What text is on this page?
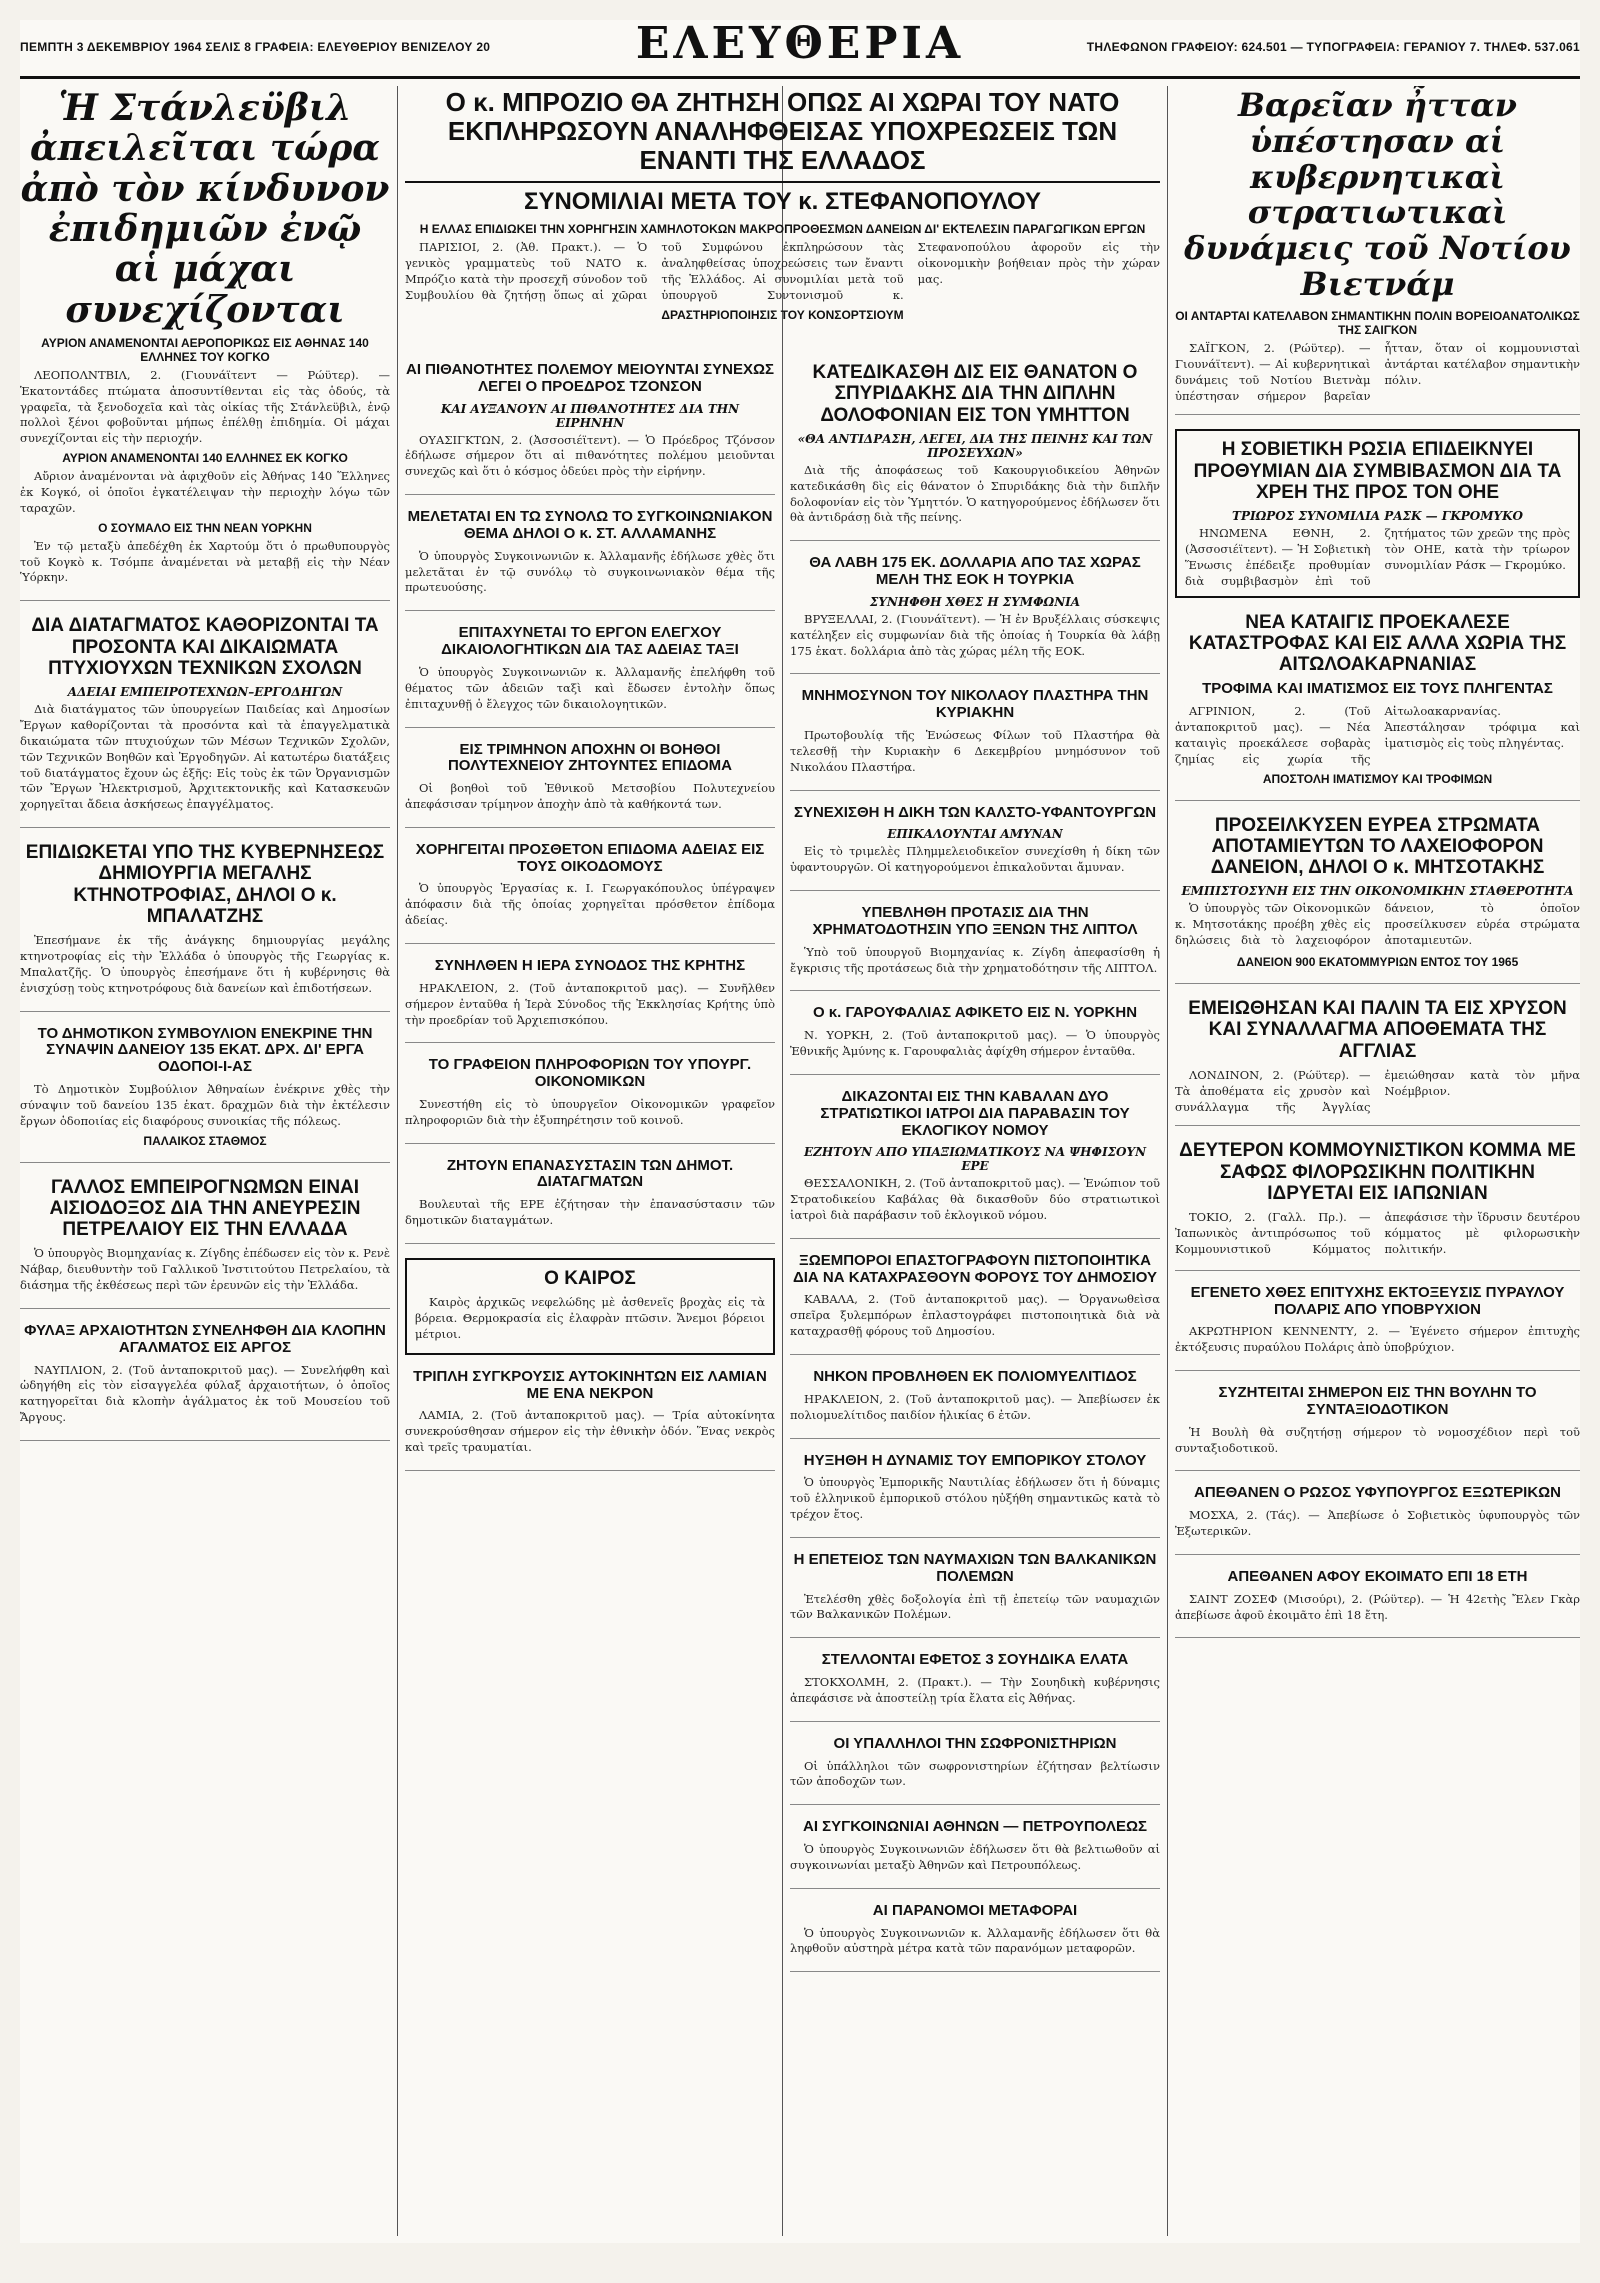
ΠΕΜΠΤΗ 3 ΔΕΚΕΜΒΡΙΟΥ 1964 ΣΕΛΙΣ 8 ΓΡΑΦΕΙΑ: ΕΛΕΥΘΕΡΙΟΥ ΒΕΝΙΖΕΛΟΥ 20	ΕΛΕΥΘΕΡΙΑ	ΤΗΛΕΦΩΝΟΝ ΓΡΑΦΕΙΟΥ: 624.501 — ΤΥΠΟΓΡΑΦΕΙΑ: ΓΕΡΑΝΙΟΥ 7. ΤΗΛΕΦ. 537.061
Ἡ Στάνλεϋβιλ ἀπειλεῖται τώρα ἀπὸ τὸν κίνδυνον ἐπιδημιῶν ἐνῷ αἱ μάχαι συνεχίζονται
ΑΥΡΙΟΝ ΑΝΑΜΕΝΟΝΤΑΙ ΑΕΡΟΠΟΡΙΚΩΣ ΕΙΣ ΑΘΗΝΑΣ 140 ΕΛΛΗΝΕΣ ΤΟΥ ΚΟΓΚΟ

ΛΕΟΠΟΛΝΤΒΙΛ, 2. (Γιουνάϊτεντ — Ρώϋτερ). — Ἑκατοντάδες πτώματα ἀποσυντίθενται εἰς τὰς ὁδούς, τὰ γραφεῖα, τὰ ξενοδοχεῖα καὶ τὰς οἰκίας τῆς Στάνλεϋβιλ, ἐνῷ πολλοὶ ξένοι φοβοῦνται μήπως ἐπέλθῃ ἐπιδημία. Οἱ μάχαι συνεχίζονται εἰς τὴν περιοχήν.

ΑΥΡΙΟΝ ΑΝΑΜΕΝΟΝΤΑΙ 140 ΕΛΛΗΝΕΣ ΕΚ ΚΟΓΚΟ

Αὔριον ἀναμένονται νὰ ἀφιχθοῦν εἰς Ἀθήνας 140 Ἕλληνες ἐκ Κογκό, οἱ ὁποῖοι ἐγκατέλειψαν τὴν περιοχὴν λόγω τῶν ταραχῶν.

Ο ΣΟΥΜΑΛΟ ΕΙΣ ΤΗΝ ΝΕΑΝ ΥΟΡΚΗΝ

Ἐν τῷ μεταξὺ ἀπεδέχθη ἐκ Χαρτούμ ὅτι ὁ πρωθυπουργὸς τοῦ Κογκὸ κ. Τσόμπε ἀναμένεται νὰ μεταβῇ εἰς τὴν Νέαν Ὑόρκην.

ΔΙΑ ΔΙΑΤΑΓΜΑΤΟΣ ΚΑΘΟΡΙΖΟΝΤΑΙ ΤΑ ΠΡΟΣΟΝΤΑ ΚΑΙ ΔΙΚΑΙΩΜΑΤΑ ΠΤΥΧΙΟΥΧΩΝ ΤΕΧΝΙΚΩΝ ΣΧΟΛΩΝ
ΑΔΕΙΑΙ ΕΜΠΕΙΡΟΤΕΧΝΩΝ–ΕΡΓΟΔΗΓΩΝ

Διὰ διατάγματος τῶν ὑπουργείων Παιδείας καὶ Δημοσίων Ἔργων καθορίζονται τὰ προσόντα καὶ τὰ ἐπαγγελματικὰ δικαιώματα τῶν πτυχιούχων τῶν Μέσων Τεχνικῶν Σχολῶν, τῶν Τεχνικῶν Βοηθῶν καὶ Ἐργοδηγῶν. Αἱ κατωτέρω διατάξεις τοῦ διατάγματος ἔχουν ὡς ἑξῆς: Εἰς τοὺς ἐκ τῶν Ὀργανισμῶν τῶν Ἔργων Ἠλεκτρισμοῦ, Ἀρχιτεκτονικῆς καὶ Κατασκευῶν χορηγεῖται ἄδεια ἀσκήσεως ἐπαγγέλματος.

ΕΠΙΔΙΩΚΕΤΑΙ ΥΠΟ ΤΗΣ ΚΥΒΕΡΝΗΣΕΩΣ ΔΗΜΙΟΥΡΓΙΑ ΜΕΓΑΛΗΣ ΚΤΗΝΟΤΡΟΦΙΑΣ, ΔΗΛΟΙ Ο κ. ΜΠΑΛΑΤΖΗΣ

Ἐπεσήμανε ἐκ τῆς ἀνάγκης δημιουργίας μεγάλης κτηνοτροφίας εἰς τὴν Ἑλλάδα ὁ ὑπουργὸς τῆς Γεωργίας κ. Μπαλατζῆς. Ὁ ὑπουργὸς ἐπεσήμανε ὅτι ἡ κυβέρνησις θὰ ἐνισχύσῃ τοὺς κτηνοτρόφους διὰ δανείων καὶ ἐπιδοτήσεων.

ΤΟ ΔΗΜΟΤΙΚΟΝ ΣΥΜΒΟΥΛΙΟΝ ΕΝΕΚΡΙΝΕ ΤΗΝ ΣΥΝΑΨΙΝ ΔΑΝΕΙΟΥ 135 ΕΚΑΤ. ΔΡΧ. ΔΙ' ΕΡΓΑ ΟΔΟΠΟΙ-Ι-ΑΣ

Τὸ Δημοτικὸν Συμβούλιον Ἀθηναίων ἐνέκρινε χθὲς τὴν σύναψιν τοῦ δανείου 135 ἑκατ. δραχμῶν διὰ τὴν ἐκτέλεσιν ἔργων ὁδοποιίας εἰς διαφόρους συνοικίας τῆς πόλεως.

ΠΑΛΑΙΚΟΣ ΣΤΑΘΜΟΣ
ΓΑΛΛΟΣ ΕΜΠΕΙΡΟΓΝΩΜΩΝ ΕΙΝΑΙ ΑΙΣΙΟΔΟΞΟΣ ΔΙΑ ΤΗΝ ΑΝΕΥΡΕΣΙΝ ΠΕΤΡΕΛΑΙΟΥ ΕΙΣ ΤΗΝ ΕΛΛΑΔΑ

Ὁ ὑπουργὸς Βιομηχανίας κ. Ζίγδης ἐπέδωσεν εἰς τὸν κ. Ρενὲ Νάβαρ, διευθυντὴν τοῦ Γαλλικοῦ Ἰνστιτούτου Πετρελαίου, τὰ διάσημα τῆς ἐκθέσεως περὶ τῶν ἐρευνῶν εἰς τὴν Ἑλλάδα.

ΦΥΛΑΞ ΑΡΧΑΙΟΤΗΤΩΝ ΣΥΝΕΛΗΦΘΗ ΔΙΑ ΚΛΟΠΗΝ ΑΓΑΛΜΑΤΟΣ ΕΙΣ ΑΡΓΟΣ

ΝΑΥΠΛΙΟΝ, 2. (Τοῦ ἀνταποκριτοῦ μας). — Συνελήφθη καὶ ὡδηγήθη εἰς τὸν εἰσαγγελέα φύλαξ ἀρχαιοτήτων, ὁ ὁποῖος κατηγορεῖται διὰ κλοπὴν ἀγάλματος ἐκ τοῦ Μουσείου τοῦ Ἄργους.

Ο κ. ΜΠΡΟΖΙΟ ΘΑ ΖΗΤΗΣΗ ΟΠΩΣ ΑΙ ΧΩΡΑΙ ΤΟΥ ΝΑΤΟ ΕΚΠΛΗΡΩΣΟΥΝ ΑΝΑΛΗΦΘΕΙΣΑΣ ΥΠΟΧΡΕΩΣΕΙΣ ΤΩΝ ΕΝΑΝΤΙ ΤΗΣ ΕΛΛΑΔΟΣ
ΣΥΝΟΜΙΛΙΑΙ ΜΕΤΑ ΤΟΥ κ. ΣΤΕΦΑΝΟΠΟΥΛΟΥ
Η ΕΛΛΑΣ ΕΠΙΔΙΩΚΕΙ ΤΗΝ ΧΟΡΗΓΗΣΙΝ ΧΑΜΗΛΟΤΟΚΩΝ ΜΑΚΡΟΠΡΟΘΕΣΜΩΝ ΔΑΝΕΙΩΝ ΔΙ' ΕΚΤΕΛΕΣΙΝ ΠΑΡΑΓΩΓΙΚΩΝ ΕΡΓΩΝ

ΠΑΡΙΣΙΟΙ, 2. (Ἀθ. Πρακτ.). — Ὁ γενικὸς γραμματεὺς τοῦ ΝΑΤΟ κ. Μπρόζιο κατὰ τὴν προσεχῆ σύνοδον τοῦ Συμβουλίου θὰ ζητήσῃ ὅπως αἱ χῶραι τοῦ Συμφώνου ἐκπληρώσουν τὰς ἀναληφθείσας ὑποχρεώσεις των ἔναντι τῆς Ἑλλάδος. Αἱ συνομιλίαι μετὰ τοῦ ὑπουργοῦ Συντονισμοῦ κ. Στεφανοπούλου ἀφοροῦν εἰς τὴν οἰκονομικὴν βοήθειαν πρὸς τὴν χώραν μας.

ΔΡΑΣΤΗΡΙΟΠΟΙΗΣΙΣ ΤΟΥ ΚΟΝΣΟΡΤΣΙΟΥΜ
ΑΙ ΠΙΘΑΝΟΤΗΤΕΣ ΠΟΛΕΜΟΥ ΜΕΙΟΥΝΤΑΙ ΣΥΝΕΧΩΣ ΛΕΓΕΙ Ο ΠΡΟΕΔΡΟΣ ΤΖΟΝΣΟΝ
ΚΑΙ ΑΥΞΑΝΟΥΝ ΑΙ ΠΙΘΑΝΟΤΗΤΕΣ ΔΙΑ ΤΗΝ ΕΙΡΗΝΗΝ

ΟΥΑΣΙΓΚΤΩΝ, 2. (Ἀσσοσιέϊτεντ). — Ὁ Πρόεδρος Τζόνσον ἐδήλωσε σήμερον ὅτι αἱ πιθανότητες πολέμου μειοῦνται συνεχῶς καὶ ὅτι ὁ κόσμος ὁδεύει πρὸς τὴν εἰρήνην.

ΜΕΛΕΤΑΤΑΙ ΕΝ ΤΩ ΣΥΝΟΛΩ ΤΟ ΣΥΓΚΟΙΝΩΝΙΑΚΟΝ ΘΕΜΑ ΔΗΛΟΙ Ο κ. ΣΤ. ΑΛΛΑΜΑΝΗΣ

Ὁ ὑπουργὸς Συγκοινωνιῶν κ. Ἀλλαμανῆς ἐδήλωσε χθὲς ὅτι μελετᾶται ἐν τῷ συνόλῳ τὸ συγκοινωνιακὸν θέμα τῆς πρωτευούσης.

ΕΠΙΤΑΧΥΝΕΤΑΙ ΤΟ ΕΡΓΟΝ ΕΛΕΓΧΟΥ ΔΙΚΑΙΟΛΟΓΗΤΙΚΩΝ ΔΙΑ ΤΑΣ ΑΔΕΙΑΣ ΤΑΞΙ

Ὁ ὑπουργὸς Συγκοινωνιῶν κ. Ἀλλαμανῆς ἐπελήφθη τοῦ θέματος τῶν ἀδειῶν ταξὶ καὶ ἔδωσεν ἐντολὴν ὅπως ἐπιταχυνθῇ ὁ ἔλεγχος τῶν δικαιολογητικῶν.

ΕΙΣ ΤΡΙΜΗΝΟΝ ΑΠΟΧΗΝ ΟΙ ΒΟΗΘΟΙ ΠΟΛΥΤΕΧΝΕΙΟΥ ΖΗΤΟΥΝΤΕΣ ΕΠΙΔΟΜΑ

Οἱ βοηθοὶ τοῦ Ἐθνικοῦ Μετσοβίου Πολυτεχνείου ἀπεφάσισαν τρίμηνον ἀποχὴν ἀπὸ τὰ καθήκοντά των.

ΧΟΡΗΓΕΙΤΑΙ ΠΡΟΣΘΕΤΟΝ ΕΠΙΔΟΜΑ ΑΔΕΙΑΣ ΕΙΣ ΤΟΥΣ ΟΙΚΟΔΟΜΟΥΣ

Ὁ ὑπουργὸς Ἐργασίας κ. Ι. Γεωργακόπουλος ὑπέγραψεν ἀπόφασιν διὰ τῆς ὁποίας χορηγεῖται πρόσθετον ἐπίδομα ἀδείας.

ΣΥΝΗΛΘΕΝ Η ΙΕΡΑ ΣΥΝΟΔΟΣ ΤΗΣ ΚΡΗΤΗΣ

ΗΡΑΚΛΕΙΟΝ, 2. (Τοῦ ἀνταποκριτοῦ μας). — Συνῆλθεν σήμερον ἐνταῦθα ἡ Ἱερὰ Σύνοδος τῆς Ἐκκλησίας Κρήτης ὑπὸ τὴν προεδρίαν τοῦ Ἀρχιεπισκόπου.

ΤΟ ΓΡΑΦΕΙΟΝ ΠΛΗΡΟΦΟΡΙΩΝ ΤΟΥ ΥΠΟΥΡΓ. ΟΙΚΟΝΟΜΙΚΩΝ

Συνεστήθη εἰς τὸ ὑπουργεῖον Οἰκονομικῶν γραφεῖον πληροφοριῶν διὰ τὴν ἐξυπηρέτησιν τοῦ κοινοῦ.

ΖΗΤΟΥΝ ΕΠΑΝΑΣΥΣΤΑΣΙΝ ΤΩΝ ΔΗΜΟΤ. ΔΙΑΤΑΓΜΑΤΩΝ

Βουλευταὶ τῆς ΕΡΕ ἐζήτησαν τὴν ἐπανασύστασιν τῶν δημοτικῶν διαταγμάτων.

Ο ΚΑΙΡΟΣ

Καιρὸς ἀρχικῶς νεφελώδης μὲ ἀσθενεῖς βροχὰς εἰς τὰ βόρεια. Θερμοκρασία εἰς ἐλαφρὰν πτῶσιν. Ἄνεμοι βόρειοι μέτριοι.

ΤΡΙΠΛΗ ΣΥΓΚΡΟΥΣΙΣ ΑΥΤΟΚΙΝΗΤΩΝ ΕΙΣ ΛΑΜΙΑΝ ΜΕ ΕΝΑ ΝΕΚΡΟΝ

ΛΑΜΙΑ, 2. (Τοῦ ἀνταποκριτοῦ μας). — Τρία αὐτοκίνητα συνεκρούσθησαν σήμερον εἰς τὴν ἐθνικὴν ὁδόν. Ἕνας νεκρὸς καὶ τρεῖς τραυματίαι.

ΚΑΤΕΔΙΚΑΣΘΗ ΔΙΣ ΕΙΣ ΘΑΝΑΤΟΝ Ο ΣΠΥΡΙΔΑΚΗΣ ΔΙΑ ΤΗΝ ΔΙΠΛΗΝ ΔΟΛΟΦΟΝΙΑΝ ΕΙΣ ΤΟΝ ΥΜΗΤΤΟΝ
«ΘΑ ΑΝΤΙΔΡΑΣΗ, ΛΕΓΕΙ, ΔΙΑ ΤΗΣ ΠΕΙΝΗΣ ΚΑΙ ΤΩΝ ΠΡΟΣΕΥΧΩΝ»

Διὰ τῆς ἀποφάσεως τοῦ Κακουργιοδικείου Ἀθηνῶν κατεδικάσθη δὶς εἰς θάνατον ὁ Σπυριδάκης διὰ τὴν διπλῆν δολοφονίαν εἰς τὸν Ὑμηττόν. Ὁ κατηγορούμενος ἐδήλωσεν ὅτι θὰ ἀντιδράσῃ διὰ τῆς πείνης.

ΘΑ ΛΑΒΗ 175 ΕΚ. ΔΟΛΛΑΡΙΑ ΑΠΟ ΤΑΣ ΧΩΡΑΣ ΜΕΛΗ ΤΗΣ ΕΟΚ Η ΤΟΥΡΚΙΑ
ΣΥΝΗΦΘΗ ΧΘΕΣ Η ΣΥΜΦΩΝΙΑ

ΒΡΥΞΕΛΛΑΙ, 2. (Γιουνάϊτεντ). — Ἡ ἐν Βρυξέλλαις σύσκεψις κατέληξεν εἰς συμφωνίαν διὰ τῆς ὁποίας ἡ Τουρκία θὰ λάβῃ 175 ἑκατ. δολλάρια ἀπὸ τὰς χώρας μέλη τῆς ΕΟΚ.

ΜΝΗΜΟΣΥΝΟΝ ΤΟΥ ΝΙΚΟΛΑΟΥ ΠΛΑΣΤΗΡΑ ΤΗΝ ΚΥΡΙΑΚΗΝ

Πρωτοβουλίᾳ τῆς Ἑνώσεως Φίλων τοῦ Πλαστήρα θὰ τελεσθῇ τὴν Κυριακὴν 6 Δεκεμβρίου μνημόσυνον τοῦ Νικολάου Πλαστήρα.

ΣΥΝΕΧΙΣΘΗ Η ΔΙΚΗ ΤΩΝ ΚΑΛΣΤΟ-ΥΦΑΝΤΟΥΡΓΩΝ
ΕΠΙΚΑΛΟΥΝΤΑΙ ΑΜΥΝΑΝ

Εἰς τὸ τριμελὲς Πλημμελειοδικεῖον συνεχίσθη ἡ δίκη τῶν ὑφαντουργῶν. Οἱ κατηγορούμενοι ἐπικαλοῦνται ἄμυναν.

ΥΠΕΒΛΗΘΗ ΠΡΟΤΑΣΙΣ ΔΙΑ ΤΗΝ ΧΡΗΜΑΤΟΔΟΤΗΣΙΝ ΥΠΟ ΞΕΝΩΝ ΤΗΣ ΛΙΠΤΟΛ

Ὑπὸ τοῦ ὑπουργοῦ Βιομηχανίας κ. Ζίγδη ἀπεφασίσθη ἡ ἔγκρισις τῆς προτάσεως διὰ τὴν χρηματοδότησιν τῆς ΛΙΠΤΟΛ.

Ο κ. ΓΑΡΟΥΦΑΛΙΑΣ ΑΦΙΚΕΤΟ ΕΙΣ Ν. ΥΟΡΚΗΝ

Ν. ΥΟΡΚΗ, 2. (Τοῦ ἀνταποκριτοῦ μας). — Ὁ ὑπουργὸς Ἐθνικῆς Ἀμύνης κ. Γαρουφαλιὰς ἀφίχθη σήμερον ἐνταῦθα.

ΔΙΚΑΖΟΝΤΑΙ ΕΙΣ ΤΗΝ ΚΑΒΑΛΑΝ ΔΥΟ ΣΤΡΑΤΙΩΤΙΚΟΙ ΙΑΤΡΟΙ ΔΙΑ ΠΑΡΑΒΑΣΙΝ ΤΟΥ ΕΚΛΟΓΙΚΟΥ ΝΟΜΟΥ
ΕΖΗΤΟΥΝ ΑΠΟ ΥΠΑΞΙΩΜΑΤΙΚΟΥΣ ΝΑ ΨΗΦΙΣΟΥΝ ΕΡΕ

ΘΕΣΣΑΛΟΝΙΚΗ, 2. (Τοῦ ἀνταποκριτοῦ μας). — Ἐνώπιον τοῦ Στρατοδικείου Καβάλας θὰ δικασθοῦν δύο στρατιωτικοὶ ἰατροὶ διὰ παράβασιν τοῦ ἐκλογικοῦ νόμου.

ΞΩΕΜΠΟΡΟΙ ΕΠΑΣΤΟΓΡΑΦΟΥΝ ΠΙΣΤΟΠΟΙΗΤΙΚΑ ΔΙΑ ΝΑ ΚΑΤΑΧΡΑΣΘΟΥΝ ΦΟΡΟΥΣ ΤΟΥ ΔΗΜΟΣΙΟΥ

ΚΑΒΑΛΑ, 2. (Τοῦ ἀνταποκριτοῦ μας). — Ὀργανωθεὶσα σπεῖρα ξυλεμπόρων ἐπλαστογράφει πιστοποιητικὰ διὰ νὰ καταχρασθῇ φόρους τοῦ Δημοσίου.

ΝΗΚΟΝ ΠΡΟΒΛΗΘΕΝ ΕΚ ΠΟΛΙΟΜΥΕΛΙΤΙΔΟΣ

ΗΡΑΚΛΕΙΟΝ, 2. (Τοῦ ἀνταποκριτοῦ μας). — Ἀπεβίωσεν ἐκ πολιομυελίτιδος παιδίον ἡλικίας 6 ἐτῶν.

ΗΥΞΗΘΗ Η ΔΥΝΑΜΙΣ ΤΟΥ ΕΜΠΟΡΙΚΟΥ ΣΤΟΛΟΥ

Ὁ ὑπουργὸς Ἐμπορικῆς Ναυτιλίας ἐδήλωσεν ὅτι ἡ δύναμις τοῦ ἑλληνικοῦ ἐμπορικοῦ στόλου ηὐξήθη σημαντικῶς κατὰ τὸ τρέχον ἔτος.

Η ΕΠΕΤΕΙΟΣ ΤΩΝ ΝΑΥΜΑΧΙΩΝ ΤΩΝ ΒΑΛΚΑΝΙΚΩΝ ΠΟΛΕΜΩΝ

Ἐτελέσθη χθὲς δοξολογία ἐπὶ τῇ ἐπετείῳ τῶν ναυμαχιῶν τῶν Βαλκανικῶν Πολέμων.

ΣΤΕΛΛΟΝΤΑΙ ΕΦΕΤΟΣ 3 ΣΟΥΗΔΙΚΑ ΕΛΑΤΑ

ΣΤΟΚΧΟΛΜΗ, 2. (Πρακτ.). — Τὴν Σουηδικὴ κυβέρνησις ἀπεφάσισε νὰ ἀποστείλῃ τρία ἔλατα εἰς Ἀθήνας.

ΟΙ ΥΠΑΛΛΗΛΟΙ ΤΗΝ ΣΩΦΡΟΝΙΣΤΗΡΙΩΝ

Οἱ ὑπάλληλοι τῶν σωφρονιστηρίων ἐζήτησαν βελτίωσιν τῶν ἀποδοχῶν των.

ΑΙ ΣΥΓΚΟΙΝΩΝΙΑΙ ΑΘΗΝΩΝ — ΠΕΤΡΟΥΠΟΛΕΩΣ

Ὁ ὑπουργὸς Συγκοινωνιῶν ἐδήλωσεν ὅτι θὰ βελτιωθοῦν αἱ συγκοινωνίαι μεταξὺ Ἀθηνῶν καὶ Πετρουπόλεως.

ΑΙ ΠΑΡΑΝΟΜΟΙ ΜΕΤΑΦΟΡΑΙ

Ὁ ὑπουργὸς Συγκοινωνιῶν κ. Ἀλλαμανῆς ἐδήλωσεν ὅτι θὰ ληφθοῦν αὐστηρὰ μέτρα κατὰ τῶν παρανόμων μεταφορῶν.

Βαρεῖαν ἦτταν ὑπέστησαν αἱ κυβερνητικαὶ στρατιωτικαὶ δυνάμεις τοῦ Νοτίου Βιετνάμ
ΟΙ ΑΝΤΑΡΤΑΙ ΚΑΤΕΛΑΒΟΝ ΣΗΜΑΝΤΙΚΗΝ ΠΟΛΙΝ ΒΟΡΕΙΟΑΝΑΤΟΛΙΚΩΣ ΤΗΣ ΣΑΙΓΚΟΝ

ΣΑΪΓΚΟΝ, 2. (Ρώϋτερ). — Γιουνάϊτεντ). — Αἱ κυβερνητικαὶ δυνάμεις τοῦ Νοτίου Βιετνὰμ ὑπέστησαν σήμερον βαρεῖαν ἧτταν, ὅταν οἱ κομμουνισταὶ ἀντάρται κατέλαβον σημαντικὴν πόλιν.

Η ΣΟΒΙΕΤΙΚΗ ΡΩΣΙΑ ΕΠΙΔΕΙΚΝΥΕΙ ΠΡΟΘΥΜΙΑΝ ΔΙΑ ΣΥΜΒΙΒΑΣΜΟΝ ΔΙΑ ΤΑ ΧΡΕΗ ΤΗΣ ΠΡΟΣ ΤΟΝ ΟΗΕ
ΤΡΙΩΡΟΣ ΣΥΝΟΜΙΛΙΑ ΡΑΣΚ — ΓΚΡΟΜΥΚΟ

ΗΝΩΜΕΝΑ ΕΘΝΗ, 2. (Ἀσσοσιέϊτεντ). — Ἡ Σοβιετικὴ Ἕνωσις ἐπέδειξε προθυμίαν διὰ συμβιβασμὸν ἐπὶ τοῦ ζητήματος τῶν χρεῶν της πρὸς τὸν ΟΗΕ, κατὰ τὴν τρίωρον συνομιλίαν Ράσκ — Γκρομύκο.

ΝΕΑ ΚΑΤΑΙΓΙΣ ΠΡΟΕΚΑΛΕΣΕ ΚΑΤΑΣΤΡΟΦΑΣ ΚΑΙ ΕΙΣ ΑΛΛΑ ΧΩΡΙΑ ΤΗΣ ΑΙΤΩΛΟΑΚΑΡΝΑΝΙΑΣ
ΤΡΟΦΙΜΑ ΚΑΙ ΙΜΑΤΙΣΜΟΣ ΕΙΣ ΤΟΥΣ ΠΛΗΓΕΝΤΑΣ

ΑΓΡΙΝΙΟΝ, 2. (Τοῦ ἀνταποκριτοῦ μας). — Νέα καταιγὶς προεκάλεσε σοβαρὰς ζημίας εἰς χωρία τῆς Αἰτωλοακαρνανίας. Ἀπεστάλησαν τρόφιμα καὶ ἱματισμὸς εἰς τοὺς πληγέντας.

ΑΠΟΣΤΟΛΗ ΙΜΑΤΙΣΜΟΥ ΚΑΙ ΤΡΟΦΙΜΩΝ
ΠΡΟΣΕΙΛΚΥΣΕΝ ΕΥΡΕΑ ΣΤΡΩΜΑΤΑ ΑΠΟΤΑΜΙΕΥΤΩΝ ΤΟ ΛΑΧΕΙΟΦΟΡΟΝ ΔΑΝΕΙΟΝ, ΔΗΛΟΙ Ο κ. ΜΗΤΣΟΤΑΚΗΣ
ΕΜΠΙΣΤΟΣΥΝΗ ΕΙΣ ΤΗΝ ΟΙΚΟΝΟΜΙΚΗΝ ΣΤΑΘΕΡΟΤΗΤΑ

Ὁ ὑπουργὸς τῶν Οἰκονομικῶν κ. Μητσοτάκης προέβη χθὲς εἰς δηλώσεις διὰ τὸ λαχειοφόρον δάνειον, τὸ ὁποῖον προσείλκυσεν εὐρέα στρώματα ἀποταμιευτῶν.

ΔΑΝΕΙΟΝ 900 ΕΚΑΤΟΜΜΥΡΙΩΝ ΕΝΤΟΣ ΤΟΥ 1965
ΕΜΕΙΩΘΗΣΑΝ ΚΑΙ ΠΑΛΙΝ ΤΑ ΕΙΣ ΧΡΥΣΟΝ ΚΑΙ ΣΥΝΑΛΛΑΓΜΑ ΑΠΟΘΕΜΑΤΑ ΤΗΣ ΑΓΓΛΙΑΣ

ΛΟΝΔΙΝΟΝ, 2. (Ρώϋτερ). — Τὰ ἀποθέματα εἰς χρυσὸν καὶ συνάλλαγμα τῆς Ἀγγλίας ἐμειώθησαν κατὰ τὸν μῆνα Νοέμβριον.

ΔΕΥΤΕΡΟΝ ΚΟΜΜΟΥΝΙΣΤΙΚΟΝ ΚΟΜΜΑ ΜΕ ΣΑΦΩΣ ΦΙΛΟΡΩΣΙΚΗΝ ΠΟΛΙΤΙΚΗΝ ΙΔΡΥΕΤΑΙ ΕΙΣ ΙΑΠΩΝΙΑΝ

ΤΟΚΙΟ, 2. (Γαλλ. Πρ.). — Ἰαπωνικὸς ἀντιπρόσωπος τοῦ Κομμουνιστικοῦ Κόμματος ἀπεφάσισε τὴν ἵδρυσιν δευτέρου κόμματος μὲ φιλορωσικὴν πολιτικήν.

ΕΓΕΝΕΤΟ ΧΘΕΣ ΕΠΙΤΥΧΗΣ ΕΚΤΟΞΕΥΣΙΣ ΠΥΡΑΥΛΟΥ ΠΟΛΑΡΙΣ ΑΠΟ ΥΠΟΒΡΥΧΙΟΝ

ΑΚΡΩΤΗΡΙΟΝ ΚΕΝΝΕΝΤΥ, 2. — Ἐγένετο σήμερον ἐπιτυχὴς ἐκτόξευσις πυραύλου Πολάρις ἀπὸ ὑποβρύχιον.

ΣΥΖΗΤΕΙΤΑΙ ΣΗΜΕΡΟΝ ΕΙΣ ΤΗΝ ΒΟΥΛΗΝ ΤΟ ΣΥΝΤΑΞΙΟΔΟΤΙΚΟΝ

Ἡ Βουλὴ θὰ συζητήσῃ σήμερον τὸ νομοσχέδιον περὶ τοῦ συνταξιοδοτικοῦ.

ΑΠΕΘΑΝΕΝ Ο ΡΩΣΟΣ ΥΦΥΠΟΥΡΓΟΣ ΕΞΩΤΕΡΙΚΩΝ

ΜΟΣΧΑ, 2. (Τάς). — Ἀπεβίωσε ὁ Σοβιετικὸς ὑφυπουργὸς τῶν Ἐξωτερικῶν.

ΑΠΕΘΑΝΕΝ ΑΦΟΥ ΕΚΟΙΜΑΤΟ ΕΠΙ 18 ΕΤΗ

ΣΑΙΝΤ ΖΟΣΕΦ (Μισούρι), 2. (Ρώϋτερ). — Ἡ 42ετὴς Ἔλεν Γκὰρ ἀπεβίωσε ἀφοῦ ἐκοιμᾶτο ἐπὶ 18 ἔτη.
